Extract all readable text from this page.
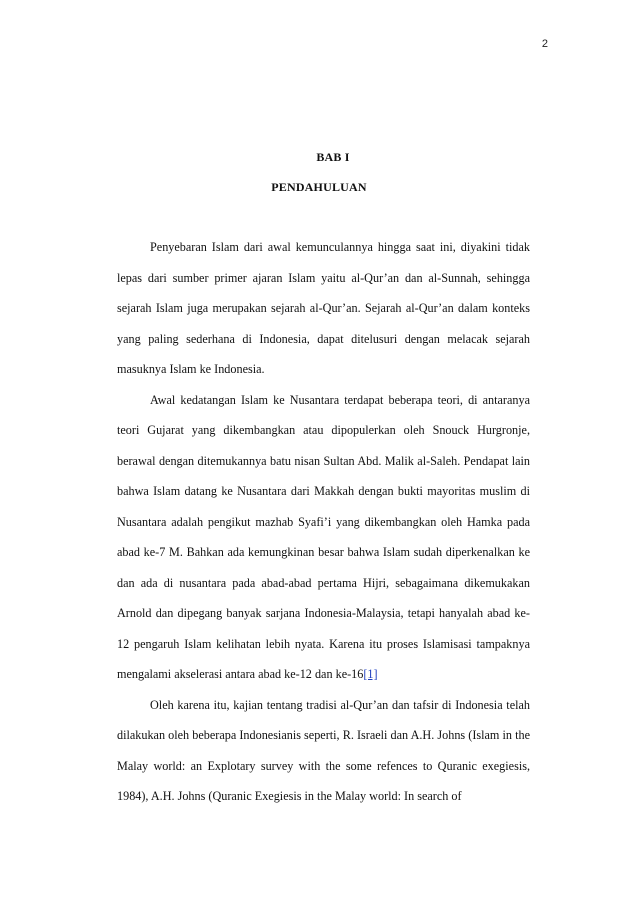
2
BAB I
PENDAHULUAN

Penyebaran Islam dari awal kemunculannya hingga saat ini, diyakini tidak lepas dari sumber primer ajaran Islam yaitu al-Qur’an dan al-Sunnah, sehingga sejarah Islam juga merupakan sejarah al-Qur’an. Sejarah al-Qur’an dalam konteks yang paling sederhana di Indonesia, dapat ditelusuri dengan melacak sejarah masuknya Islam ke Indonesia.

Awal kedatangan Islam ke Nusantara terdapat beberapa teori, di antaranya teori Gujarat yang dikembangkan atau dipopulerkan oleh Snouck Hurgronje, berawal dengan ditemukannya batu nisan Sultan Abd. Malik al-Saleh. Pendapat lain bahwa Islam datang ke Nusantara dari Makkah dengan bukti mayoritas muslim di Nusantara adalah pengikut mazhab Syafi’i yang dikembangkan oleh Hamka pada abad ke-7 M. Bahkan ada kemungkinan besar bahwa Islam sudah diperkenalkan ke dan ada di nusantara pada abad-abad pertama Hijri, sebagaimana dikemukakan Arnold dan dipegang banyak sarjana Indonesia-Malaysia, tetapi hanyalah abad ke-12 pengaruh Islam kelihatan lebih nyata. Karena itu proses Islamisasi tampaknya mengalami akselerasi antara abad ke-12 dan ke-16[1]

Oleh karena itu, kajian tentang tradisi al-Qur’an dan tafsir di Indonesia telah dilakukan oleh beberapa Indonesianis seperti, R. Israeli dan A.H. Johns (Islam in the Malay world: an Explotary survey with the some refences to Quranic exegiesis, 1984), A.H. Johns (Quranic Exegiesis in the Malay world: In search of
